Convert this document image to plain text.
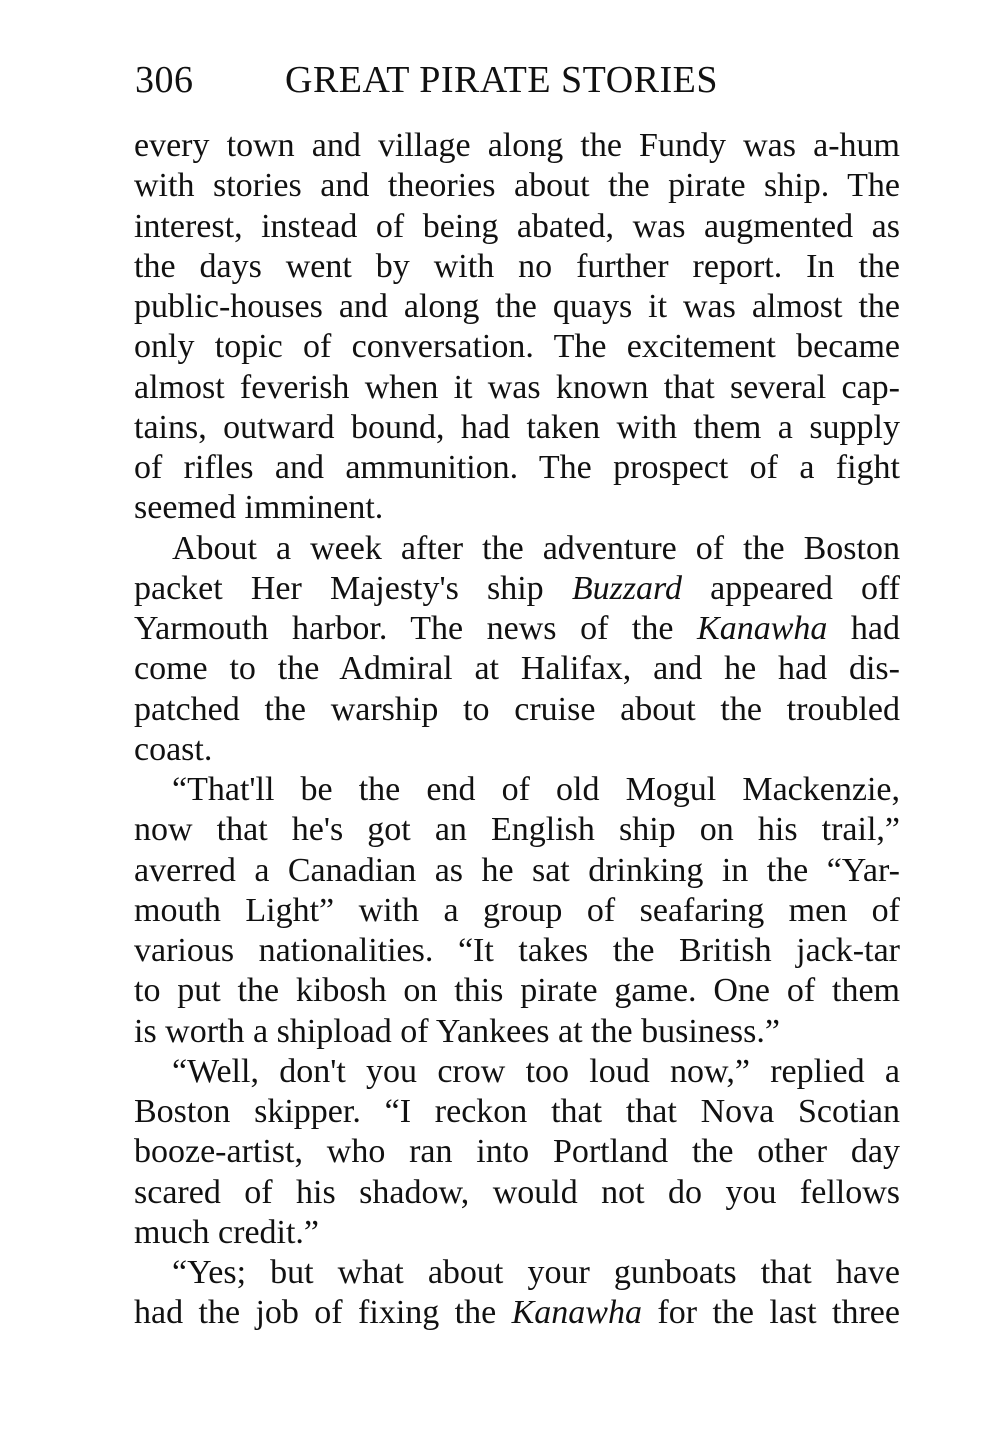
306 GREAT PIRATE STORIES
every town and village along the Fundy was a-hum
with stories and theories about the pirate ship. The
interest, instead of being abated, was augmented as
the days went by with no further report. In the
public-houses and along the quays it was almost the
only topic of conversation. The excitement became
almost feverish when it was known that several cap-
tains, outward bound, had taken with them a supply
of rifles and ammunition. The prospect of a fight
seemed imminent.
About a week after the adventure of the Boston
packet Her Majesty's ship Buzzard appeared off
Yarmouth harbor. The news of the Kanawha had
come to the Admiral at Halifax, and he had dis-
patched the warship to cruise about the troubled
coast.
“That'll be the end of old Mogul Mackenzie,
now that he's got an English ship on his trail,”
averred a Canadian as he sat drinking in the “Yar-
mouth Light” with a group of seafaring men of
various nationalities. “It takes the British jack-tar
to put the kibosh on this pirate game. One of them
is worth a shipload of Yankees at the business.”
“Well, don't you crow too loud now,” replied a
Boston skipper. “I reckon that that Nova Scotian
booze-artist, who ran into Portland the other day
scared of his shadow, would not do you fellows
much credit.”
“Yes; but what about your gunboats that have
had the job of fixing the Kanawha for the last three
